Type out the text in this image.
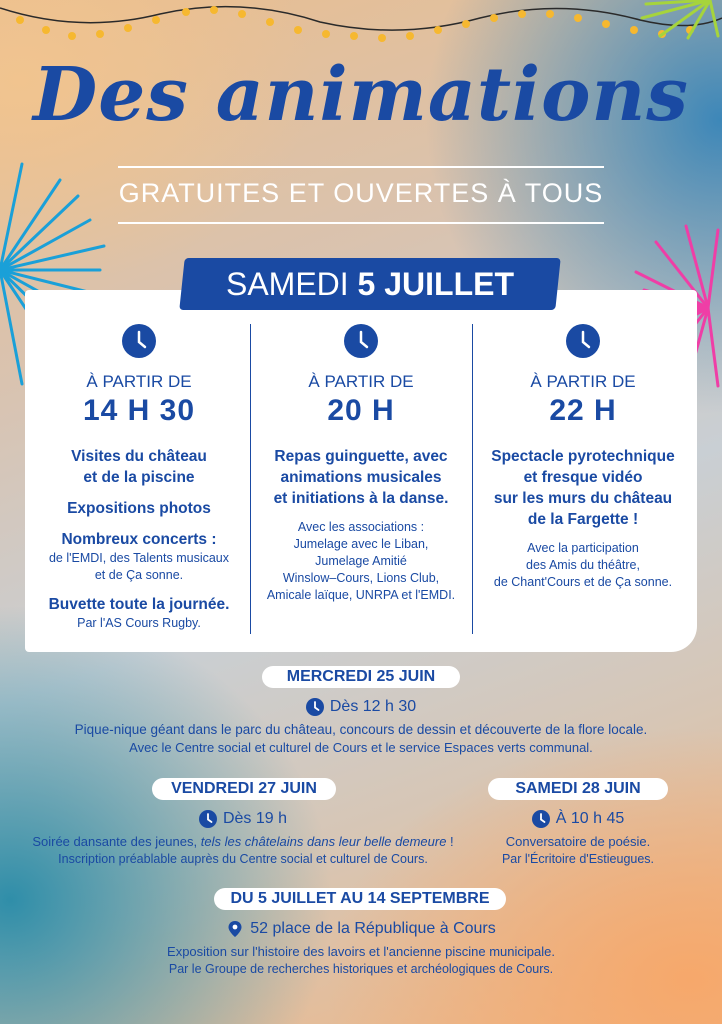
Des animations
GRATUITES ET OUVERTES À TOUS
À PARTIR DE
14 H 30
Visites du château
et de la piscine
Expositions photos
Nombreux concerts :
de l'EMDI, des Talents musicaux
et de Ça sonne.
Buvette toute la journée.
Par l'AS Cours Rugby.
À PARTIR DE
20 H
Repas guinguette, avec
animations musicales
et initiations à la danse.
Avec les associations :
Jumelage avec le Liban,
Jumelage Amitié
Winslow–Cours, Lions Club,
Amicale laïque, UNRPA et l'EMDI.
À PARTIR DE
22 H
Spectacle pyrotechnique
et fresque vidéo
sur les murs du château
de la Fargette !
Avec la participation
des Amis du théâtre,
de Chant'Cours et de Ça sonne.
SAMEDI 5 JUILLET
MERCREDI 25 JUIN
Dès 12 h 30
Pique-nique géant dans le parc du château, concours de dessin et découverte de la flore locale.
Avec le Centre social et culturel de Cours et le service Espaces verts communal.
VENDREDI 27 JUIN
Dès 19 h
Soirée dansante des jeunes, tels les châtelains dans leur belle demeure !
Inscription préablable auprès du Centre social et culturel de Cours.
SAMEDI 28 JUIN
À 10 h 45
Conversatoire de poésie.
Par l'Écritoire d'Estieugues.
DU 5 JUILLET AU 14 SEPTEMBRE
52 place de la République à Cours
Exposition sur l'histoire des lavoirs et l'ancienne piscine municipale.
Par le Groupe de recherches historiques et archéologiques de Cours.
